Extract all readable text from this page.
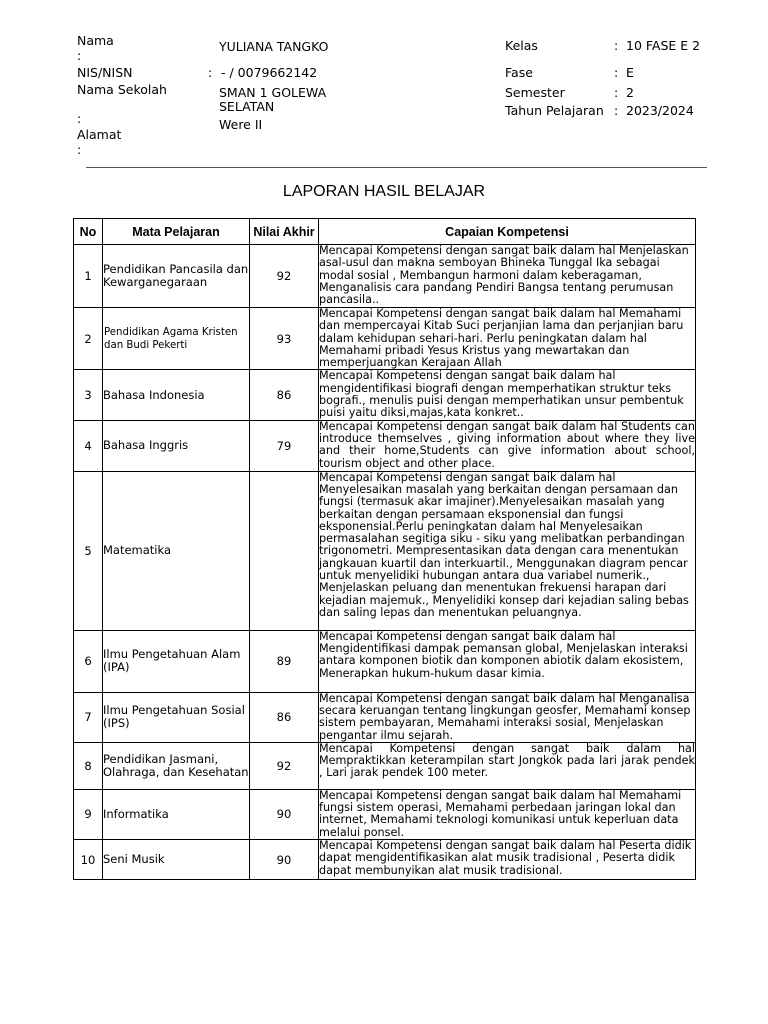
Nama
:
YULIANA TANGKO
NIS/NISN	: - / 0079662142
Nama Sekolah	SMAN 1 GOLEWA
SELATAN
:	Were II
Alamat
:
Kelas	: 10 FASE E 2
Fase	: E
Semester	: 2
Tahun Pelajaran : 2023/2024
LAPORAN HASIL BELAJAR
No	Mata Pelajaran	Nilai Akhir	Capaian Kompetensi
1	Pendidikan Pancasila dan Kewarganegaraan	92	Mencapai Kompetensi dengan sangat baik dalam hal Menjelaskan asal-usul dan makna semboyan Bhineka Tunggal Ika sebagai modal sosial , Membangun harmoni dalam keberagaman, Menganalisis cara pandang Pendiri Bangsa tentang perumusan pancasila..
2	Pendidikan Agama Kristen dan Budi Pekerti	93	Mencapai Kompetensi dengan sangat baik dalam hal Memahami dan mempercayai Kitab Suci perjanjian lama dan perjanjian baru dalam kehidupan sehari-hari. Perlu peningkatan dalam hal Memahami pribadi Yesus Kristus yang mewartakan dan memperjuangkan Kerajaan Allah
3	Bahasa Indonesia	86	Mencapai Kompetensi dengan sangat baik dalam hal mengidentifikasi biografi dengan memperhatikan struktur teks bografi., menulis puisi dengan memperhatikan unsur pembentuk puisi yaitu diksi,majas,kata konkret..
4	Bahasa Inggris	79	Mencapai Kompetensi dengan sangat baik dalam hal Students can introduce themselves , giving information about where they live and their home,Students can give information about school, tourism object and other place.
5	Matematika		Mencapai Kompetensi dengan sangat baik dalam hal Menyelesaikan masalah yang berkaitan dengan persamaan dan fungsi (termasuk akar imajiner).Menyelesaikan masalah yang berkaitan dengan persamaan eksponensial dan fungsi eksponensial.Perlu peningkatan dalam hal Menyelesaikan permasalahan segitiga siku - siku yang melibatkan perbandingan trigonometri. Mempresentasikan data dengan cara menentukan jangkauan kuartil dan interkuartil., Menggunakan diagram pencar untuk menyelidiki hubungan antara dua variabel numerik., Menjelaskan peluang dan menentukan frekuensi harapan dari kejadian majemuk., Menyelidiki konsep dari kejadian saling bebas dan saling lepas dan menentukan peluangnya.
6	Ilmu Pengetahuan Alam (IPA)	89	Mencapai Kompetensi dengan sangat baik dalam hal Mengidentifikasi dampak pemansan global, Menjelaskan interaksi antara komponen biotik dan komponen abiotik dalam ekosistem, Menerapkan hukum-hukum dasar kimia.
7	Ilmu Pengetahuan Sosial (IPS)	86	Mencapai Kompetensi dengan sangat baik dalam hal Menganalisa secara keruangan tentang lingkungan geosfer, Memahami konsep sistem pembayaran, Memahami interaksi sosial, Menjelaskan pengantar ilmu sejarah.
8	Pendidikan Jasmani, Olahraga, dan Kesehatan	92	Mencapai Kompetensi dengan sangat baik dalam hal Mempraktikkan keterampilan start Jongkok pada lari jarak pendek , Lari jarak pendek 100 meter.
9	Informatika	90	Mencapai Kompetensi dengan sangat baik dalam hal Memahami fungsi sistem operasi, Memahami perbedaan jaringan lokal dan internet, Memahami teknologi komunikasi untuk keperluan data melalui ponsel.
10	Seni Musik	90	Mencapai Kompetensi dengan sangat baik dalam hal Peserta didik dapat mengidentifikasikan alat musik tradisional , Peserta didik dapat membunyikan alat musik tradisional.
